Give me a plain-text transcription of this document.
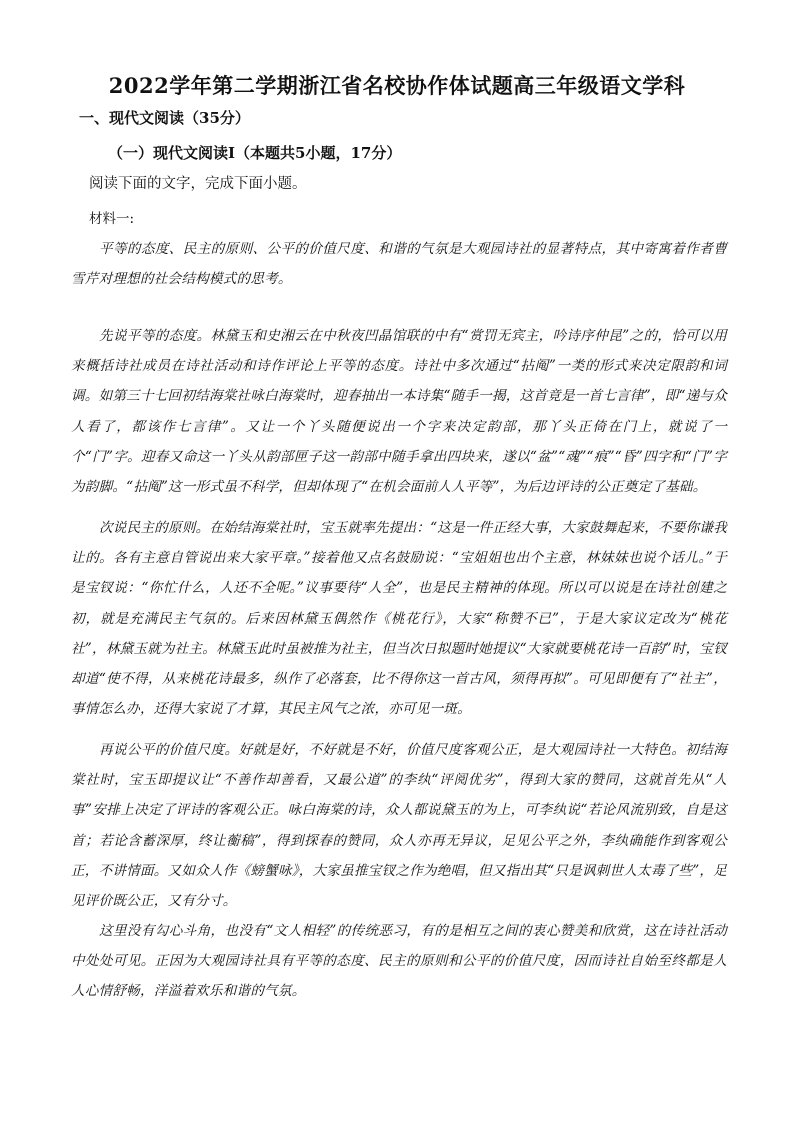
2022学年第二学期浙江省名校协作体试题高三年级语文学科
一、现代文阅读（35分）
（一）现代文阅读Ⅰ（本题共5小题，17分）
阅读下面的文字，完成下面小题。
材料一:
平等的态度、民主的原则、公平的价值尺度、和谐的气氛是大观园诗社的显著特点，其中寄寓着作者曹雪芹对理想的社会结构模式的思考。
先说平等的态度。林黛玉和史湘云在中秋夜凹晶馆联的中有“赏罚无宾主，吟诗序仲昆”之的，恰可以用来概括诗社成员在诗社活动和诗作评论上平等的态度。诗社中多次通过“拈阄”一类的形式来决定限韵和词调。如第三十七回初结海棠社咏白海棠时，迎春抽出一本诗集“随手一揭，这首竟是一首七言律”，即“递与众人看了，都该作七言律”。又让一个丫头随便说出一个字来决定韵部，那丫头正倚在门上，就说了一个“门”字。迎春又命这一丫头从韵部匣子这一韵部中随手拿出四块来，遂以“盆”“魂”“痕”“昏”四字和“门”字为韵脚。“拈阄”这一形式虽不科学，但却体现了“在机会面前人人平等”，为后边评诗的公正奠定了基础。
次说民主的原则。在始结海棠社时，宝玉就率先提出：“这是一件正经大事，大家鼓舞起来，不要你谦我让的。各有主意自管说出来大家平章。”接着他又点名鼓励说：“宝姐姐也出个主意，林妹妹也说个话儿。”于是宝钗说：“你忙什么，人还不全呢。”议事要待“人全”，也是民主精神的体现。所以可以说是在诗社创建之初，就是充满民主气氛的。后来因林黛玉偶然作《桃花行》，大家“称赞不已”，于是大家议定改为“桃花社”，林黛玉就为社主。林黛玉此时虽被推为社主，但当次日拟题时她提议“大家就要桃花诗一百韵”时，宝钗却道“使不得，从来桃花诗最多，纵作了必落套，比不得你这一首古风，须得再拟”。可见即便有了“社主”，事情怎么办，还得大家说了才算，其民主风气之浓，亦可见一斑。
再说公平的价值尺度。好就是好，不好就是不好，价值尺度客观公正，是大观园诗社一大特色。初结海棠社时，宝玉即提议让“不善作却善看，又最公道”的李纨“评阅优劣”，得到大家的赞同，这就首先从“人事”安排上决定了评诗的客观公正。咏白海棠的诗，众人都说黛玉的为上，可李纨说“若论风流别致，自是这首；若论含蓄深厚，终让蘅稿”，得到探春的赞同，众人亦再无异议，足见公平之外，李纨确能作到客观公正，不讲情面。又如众人作《螃蟹咏》，大家虽推宝钗之作为绝唱，但又指出其“只是讽刺世人太毒了些”，足见评价既公正，又有分寸。
这里没有勾心斗角，也没有“文人相轻”的传统恶习，有的是相互之间的衷心赞美和欣赏，这在诗社活动中处处可见。正因为大观园诗社具有平等的态度、民主的原则和公平的价值尺度，因而诗社自始至终都是人人心情舒畅，洋溢着欢乐和谐的气氛。
